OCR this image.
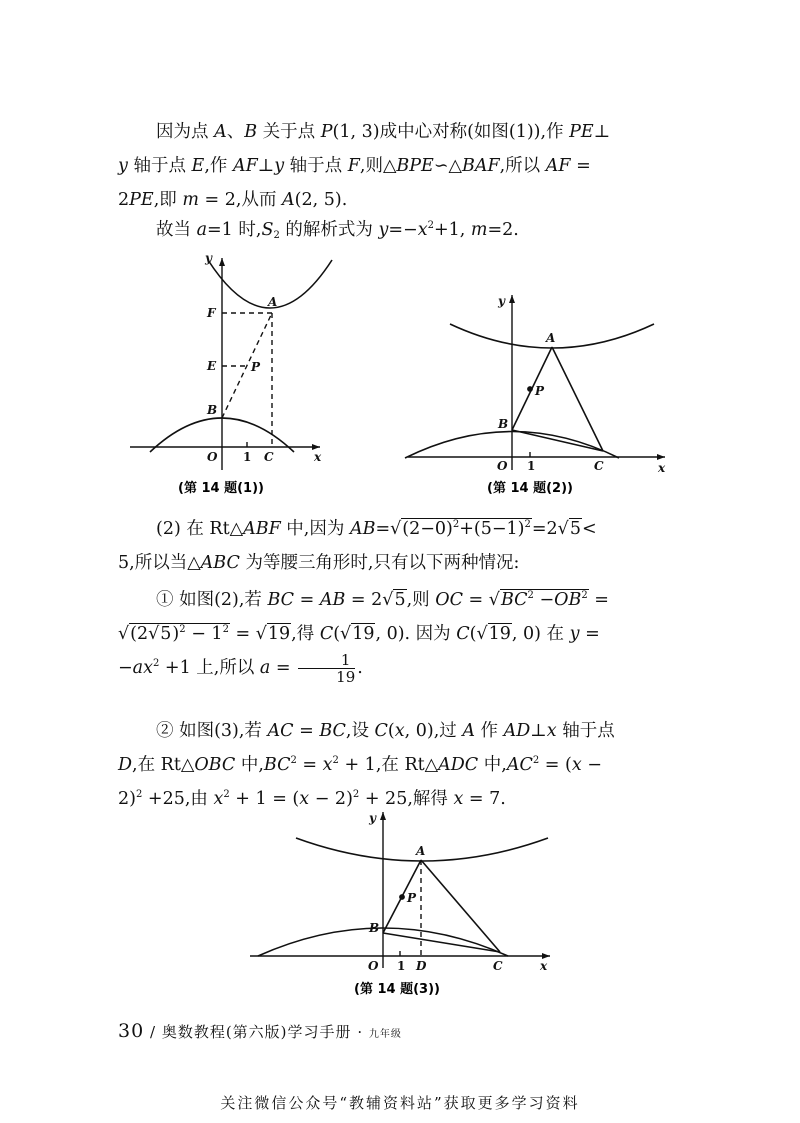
因为点 A、B 关于点 P(1, 3)成中心对称(如图(1)),作 PE⊥
y 轴于点 E,作 AF⊥y 轴于点 F,则△BPE∽△BAF,所以 AF =
2PE,即 m = 2,从而 A(2, 5).

故当 a=1 时$,S_2$ 的解析式为 $y=-x^2+1$, m=2.

y
x
O 1 C
A
F
E	P
B
(第 14 题(1))
y
x
O 1	C
A
P
B
(第 14 题(2))

(2) 在 Rt△ABF 中,因为 $AB=√(2-0)^2+(5-1)^2=2√5<$
5,所以当△ABC 为等腰三角形时,只有以下两种情况:

① 如图(2),若 BC = AB = 2√5,则 OC = $√BC^2 -OB^2$ =
$√(2√5)^2 - 1^2 = √19$,得 C(√19, 0). 因为 C(√19, 0) 在 y =
$-ax^2 +1$ 上,所以 $a = \frac{1}{19}$ .

② 如图(3),若 AC = BC,设 C(x, 0),过 A 作 AD⊥x 轴于点
D,在 Rt△OBC 中$,BC^2 = x^2 + 1$,在 Rt△ADC 中$,AC^2 = (x$ −
2)$^2$ +25,由 $x^2 + 1 = (x - 2)^2 + 25$,解得 x = 7.

y
x
O 1 D	C
A
P
B
(第 14 题(3))
30 / 奥数教程(第六版)学习手册 · 九年级
关注微信公众号“教辅资料站”获取更多学习资料
